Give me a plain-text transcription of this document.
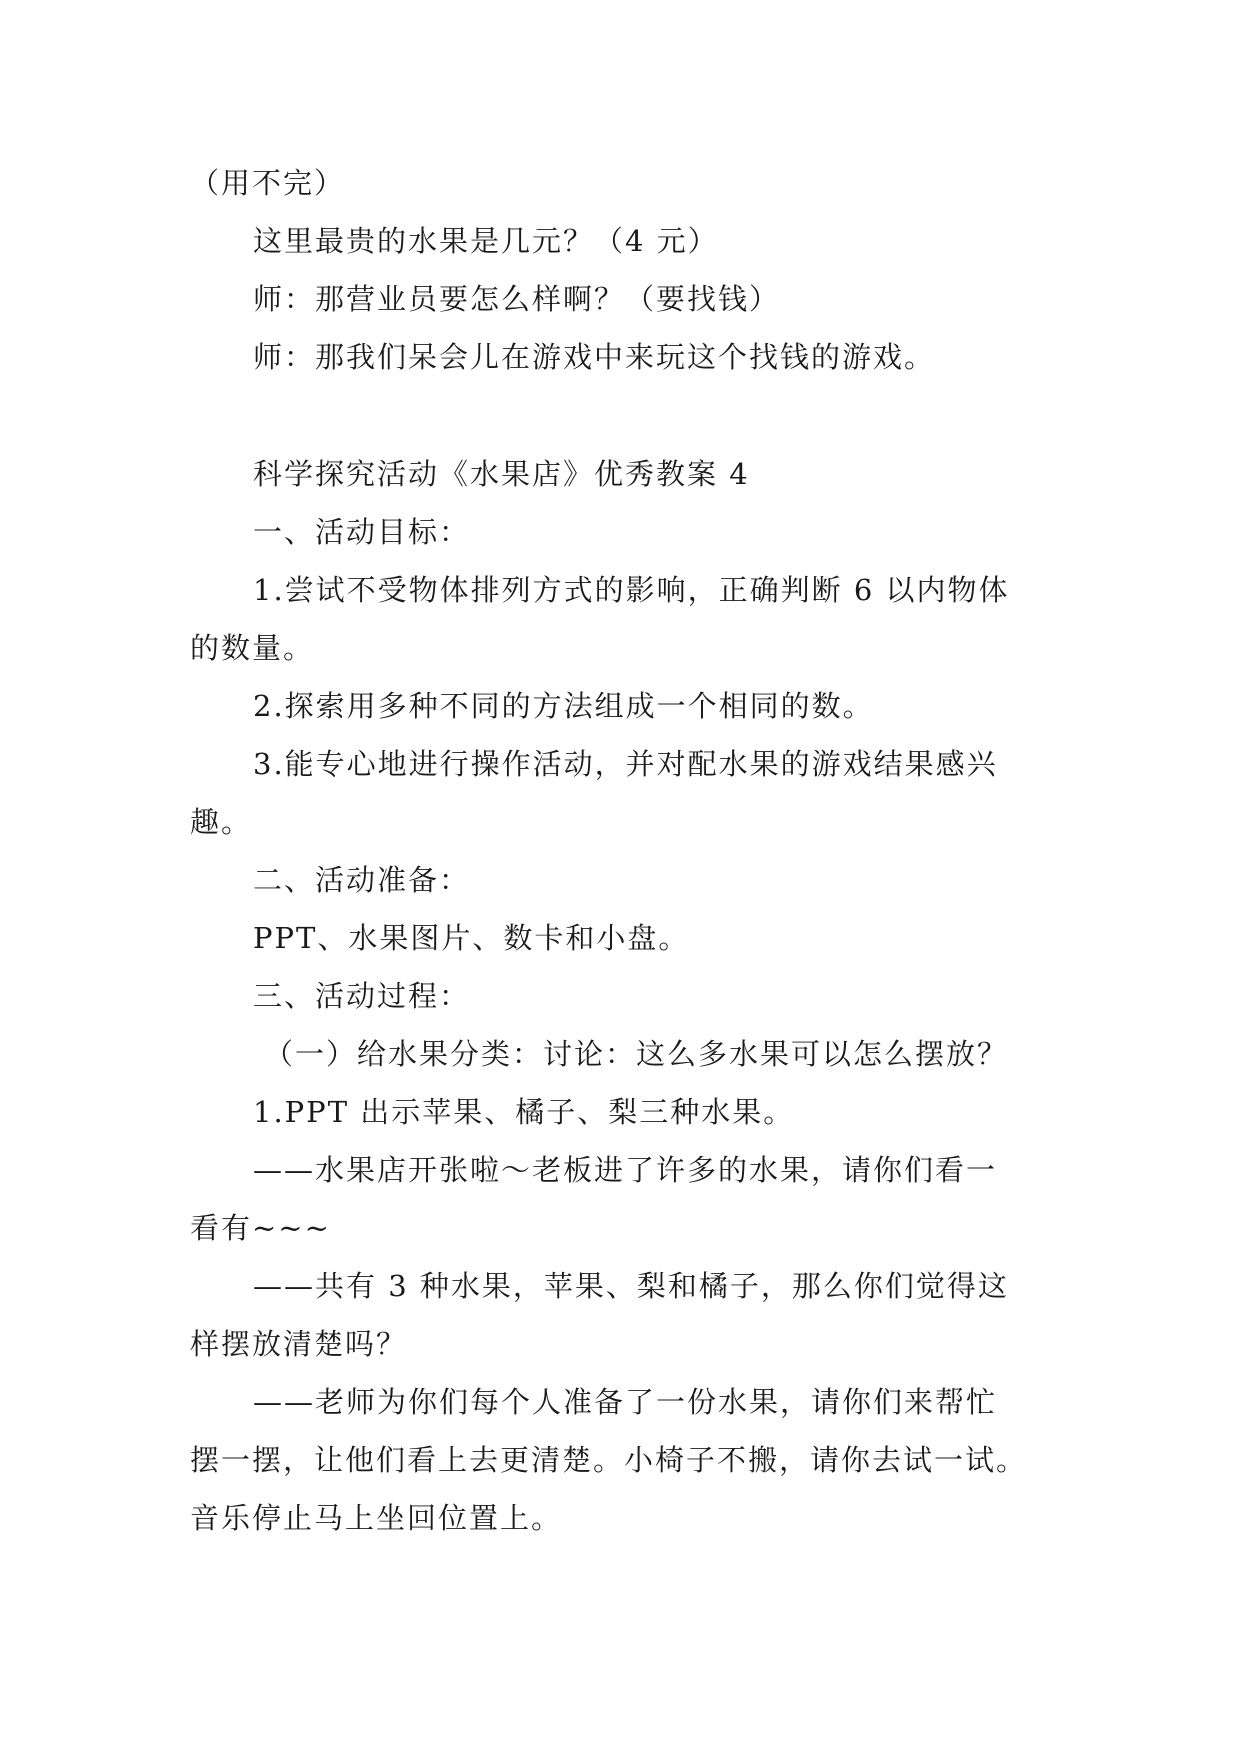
（用不完）
这里最贵的水果是几元？（4 元）
师：那营业员要怎么样啊？（要找钱）
师：那我们呆会儿在游戏中来玩这个找钱的游戏。
科学探究活动《水果店》优秀教案 4
一、活动目标：
1.尝试不受物体排列方式的影响，正确判断 6 以内物体
的数量。
2.探索用多种不同的方法组成一个相同的数。
3.能专心地进行操作活动，并对配水果的游戏结果感兴
趣。
二、活动准备：
PPT、水果图片、数卡和小盘。
三、活动过程：
（一）给水果分类：讨论：这么多水果可以怎么摆放？
1.PPT 出示苹果、橘子、梨三种水果。
——水果店开张啦～老板进了许多的水果，请你们看一
看有~~~
——共有 3 种水果，苹果、梨和橘子，那么你们觉得这
样摆放清楚吗？
——老师为你们每个人准备了一份水果，请你们来帮忙
摆一摆，让他们看上去更清楚。小椅子不搬，请你去试一试。
音乐停止马上坐回位置上。
